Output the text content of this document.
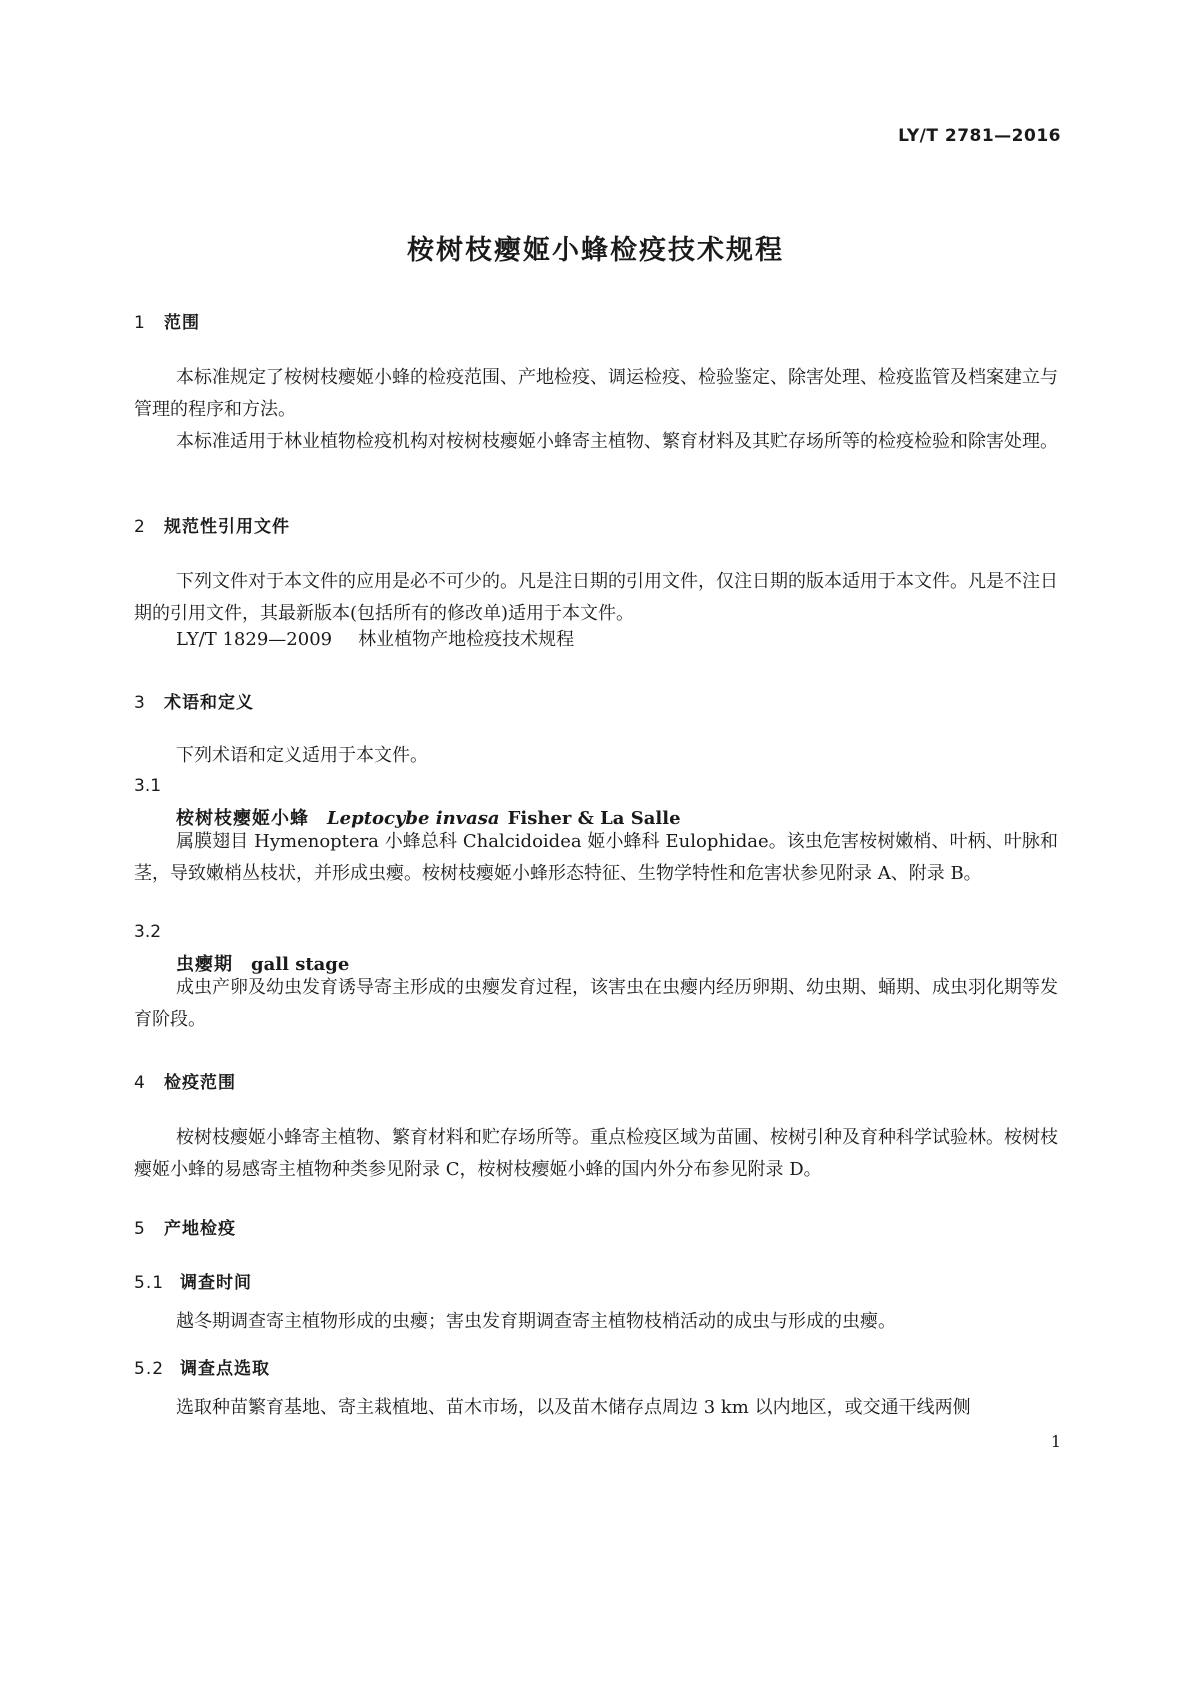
LY/T 2781—2016
桉树枝瘿姬小蜂检疫技术规程
1 范围
本标准规定了桉树枝瘿姬小蜂的检疫范围、产地检疫、调运检疫、检验鉴定、除害处理、检疫监管及档案建立与管理的程序和方法。
本标准适用于林业植物检疫机构对桉树枝瘿姬小蜂寄主植物、繁育材料及其贮存场所等的检疫检验和除害处理。
2 规范性引用文件
下列文件对于本文件的应用是必不可少的。凡是注日期的引用文件，仅注日期的版本适用于本文件。凡是不注日期的引用文件，其最新版本(包括所有的修改单)适用于本文件。
LY/T 1829—2009 林业植物产地检疫技术规程
3 术语和定义
下列术语和定义适用于本文件。
3.1
桉树枝瘿姬小蜂 Leptocybe invasa Fisher & La Salle
属膜翅目 Hymenoptera 小蜂总科 Chalcidoidea 姬小蜂科 Eulophidae。该虫危害桉树嫩梢、叶柄、叶脉和茎，导致嫩梢丛枝状，并形成虫瘿。桉树枝瘿姬小蜂形态特征、生物学特性和危害状参见附录 A、附录 B。
3.2
虫瘿期 gall stage
成虫产卵及幼虫发育诱导寄主形成的虫瘿发育过程，该害虫在虫瘿内经历卵期、幼虫期、蛹期、成虫羽化期等发育阶段。
4 检疫范围
桉树枝瘿姬小蜂寄主植物、繁育材料和贮存场所等。重点检疫区域为苗圃、桉树引种及育种科学试验林。桉树枝瘿姬小蜂的易感寄主植物种类参见附录 C，桉树枝瘿姬小蜂的国内外分布参见附录 D。
5 产地检疫
5.1 调查时间
越冬期调查寄主植物形成的虫瘿；害虫发育期调查寄主植物枝梢活动的成虫与形成的虫瘿。
5.2 调查点选取
选取种苗繁育基地、寄主栽植地、苗木市场，以及苗木储存点周边 3 km 以内地区，或交通干线两侧
1
